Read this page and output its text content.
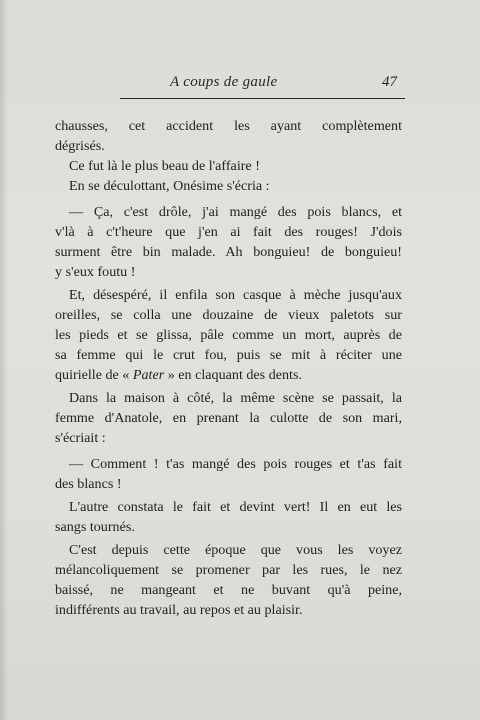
A coups de gaule	47
chausses, cet accident les ayant complètement
dégrisés.
Ce fut là le plus beau de l'affaire !
En se déculottant, Onésime s'écria :
— Ça, c'est drôle, j'ai mangé des pois blancs, et
v'là à c't'heure que j'en ai fait des rouges! J'dois
surment être bin malade. Ah bonguieu! de bonguieu!
y s'eux foutu !
Et, désespéré, il enfila son casque à mèche jusqu'aux
oreilles, se colla une douzaine de vieux paletots sur
les pieds et se glissa, pâle comme un mort, auprès de
sa femme qui le crut fou, puis se mit à réciter une
quirielle de « Pater » en claquant des dents.
Dans la maison à côté, la même scène se passait, la
femme d'Anatole, en prenant la culotte de son mari,
s'écriait :
— Comment ! t'as mangé des pois rouges et t'as fait
des blancs !
L'autre constata le fait et devint vert! Il en eut les
sangs tournés.
C'est depuis cette époque que vous les voyez
mélancoliquement se promener par les rues, le nez
baissé, ne mangeant et ne buvant qu'à peine,
indifférents au travail, au repos et au plaisir.
